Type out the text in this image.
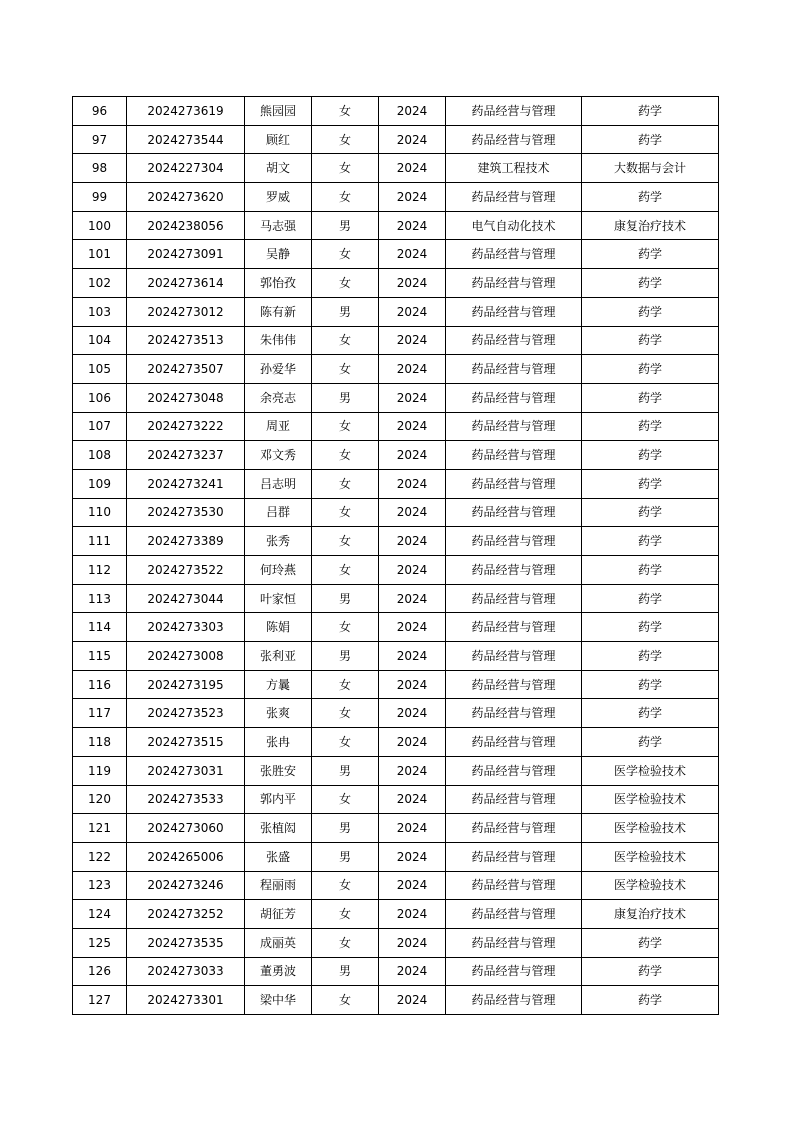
96	2024273619	熊园园	女	2024	药品经营与管理	药学
97	2024273544	顾红	女	2024	药品经营与管理	药学
98	2024227304	胡文	女	2024	建筑工程技术	大数据与会计
99	2024273620	罗威	女	2024	药品经营与管理	药学
100	2024238056	马志强	男	2024	电气自动化技术	康复治疗技术
101	2024273091	吴静	女	2024	药品经营与管理	药学
102	2024273614	郭怡孜	女	2024	药品经营与管理	药学
103	2024273012	陈有新	男	2024	药品经营与管理	药学
104	2024273513	朱伟伟	女	2024	药品经营与管理	药学
105	2024273507	孙爱华	女	2024	药品经营与管理	药学
106	2024273048	余亮志	男	2024	药品经营与管理	药学
107	2024273222	周亚	女	2024	药品经营与管理	药学
108	2024273237	邓文秀	女	2024	药品经营与管理	药学
109	2024273241	吕志明	女	2024	药品经营与管理	药学
110	2024273530	吕群	女	2024	药品经营与管理	药学
111	2024273389	张秀	女	2024	药品经营与管理	药学
112	2024273522	何玲燕	女	2024	药品经营与管理	药学
113	2024273044	叶家恒	男	2024	药品经营与管理	药学
114	2024273303	陈娟	女	2024	药品经营与管理	药学
115	2024273008	张利亚	男	2024	药品经营与管理	药学
116	2024273195	方曩	女	2024	药品经营与管理	药学
117	2024273523	张爽	女	2024	药品经营与管理	药学
118	2024273515	张冉	女	2024	药品经营与管理	药学
119	2024273031	张胜安	男	2024	药品经营与管理	医学检验技术
120	2024273533	郭内平	女	2024	药品经营与管理	医学检验技术
121	2024273060	张植闳	男	2024	药品经营与管理	医学检验技术
122	2024265006	张盛	男	2024	药品经营与管理	医学检验技术
123	2024273246	程丽雨	女	2024	药品经营与管理	医学检验技术
124	2024273252	胡征芳	女	2024	药品经营与管理	康复治疗技术
125	2024273535	成丽英	女	2024	药品经营与管理	药学
126	2024273033	董勇波	男	2024	药品经营与管理	药学
127	2024273301	梁中华	女	2024	药品经营与管理	药学
